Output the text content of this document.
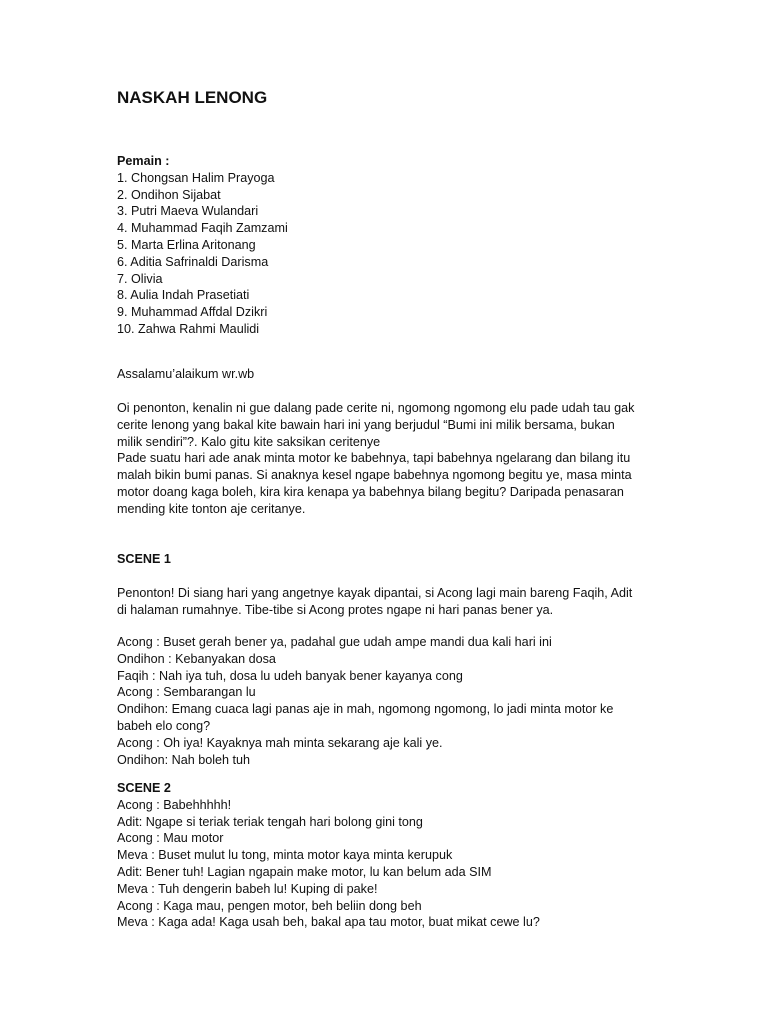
NASKAH LENONG
Pemain :
1. Chongsan Halim Prayoga
2. Ondihon Sijabat
3. Putri Maeva Wulandari
4. Muhammad Faqih Zamzami
5. Marta Erlina Aritonang
6. Aditia Safrinaldi Darisma
7. Olivia
8. Aulia Indah Prasetiati
9. Muhammad Affdal Dzikri
10. Zahwa Rahmi Maulidi
Assalamu’alaikum wr.wb
Oi penonton, kenalin ni gue dalang pade cerite ni, ngomong ngomong elu pade udah tau gak
cerite lenong yang bakal kite bawain hari ini yang berjudul “Bumi ini milik bersama, bukan
milik sendiri”?. Kalo gitu kite saksikan ceritenye
Pade suatu hari ade anak minta motor ke babehnya, tapi babehnya ngelarang dan bilang itu
malah bikin bumi panas. Si anaknya kesel ngape babehnya ngomong begitu ye, masa minta
motor doang kaga boleh, kira kira kenapa ya babehnya bilang begitu? Daripada penasaran
mending kite tonton aje ceritanye.
SCENE 1
Penonton! Di siang hari yang angetnye kayak dipantai, si Acong lagi main bareng Faqih, Adit
di halaman rumahnye. Tibe-tibe si Acong protes ngape ni hari panas bener ya.
Acong : Buset gerah bener ya, padahal gue udah ampe mandi dua kali hari ini
Ondihon : Kebanyakan dosa
Faqih : Nah iya tuh, dosa lu udeh banyak bener kayanya cong
Acong : Sembarangan lu
Ondihon: Emang cuaca lagi panas aje in mah, ngomong ngomong, lo jadi minta motor ke
babeh elo cong?
Acong : Oh iya! Kayaknya mah minta sekarang aje kali ye.
Ondihon: Nah boleh tuh
SCENE 2
Acong : Babehhhhh!
Adit: Ngape si teriak teriak tengah hari bolong gini tong
Acong : Mau motor
Meva : Buset mulut lu tong, minta motor kaya minta kerupuk
Adit: Bener tuh! Lagian ngapain make motor, lu kan belum ada SIM
Meva : Tuh dengerin babeh lu! Kuping di pake!
Acong : Kaga mau, pengen motor, beh beliin dong beh
Meva : Kaga ada! Kaga usah beh, bakal apa tau motor, buat mikat cewe lu?
